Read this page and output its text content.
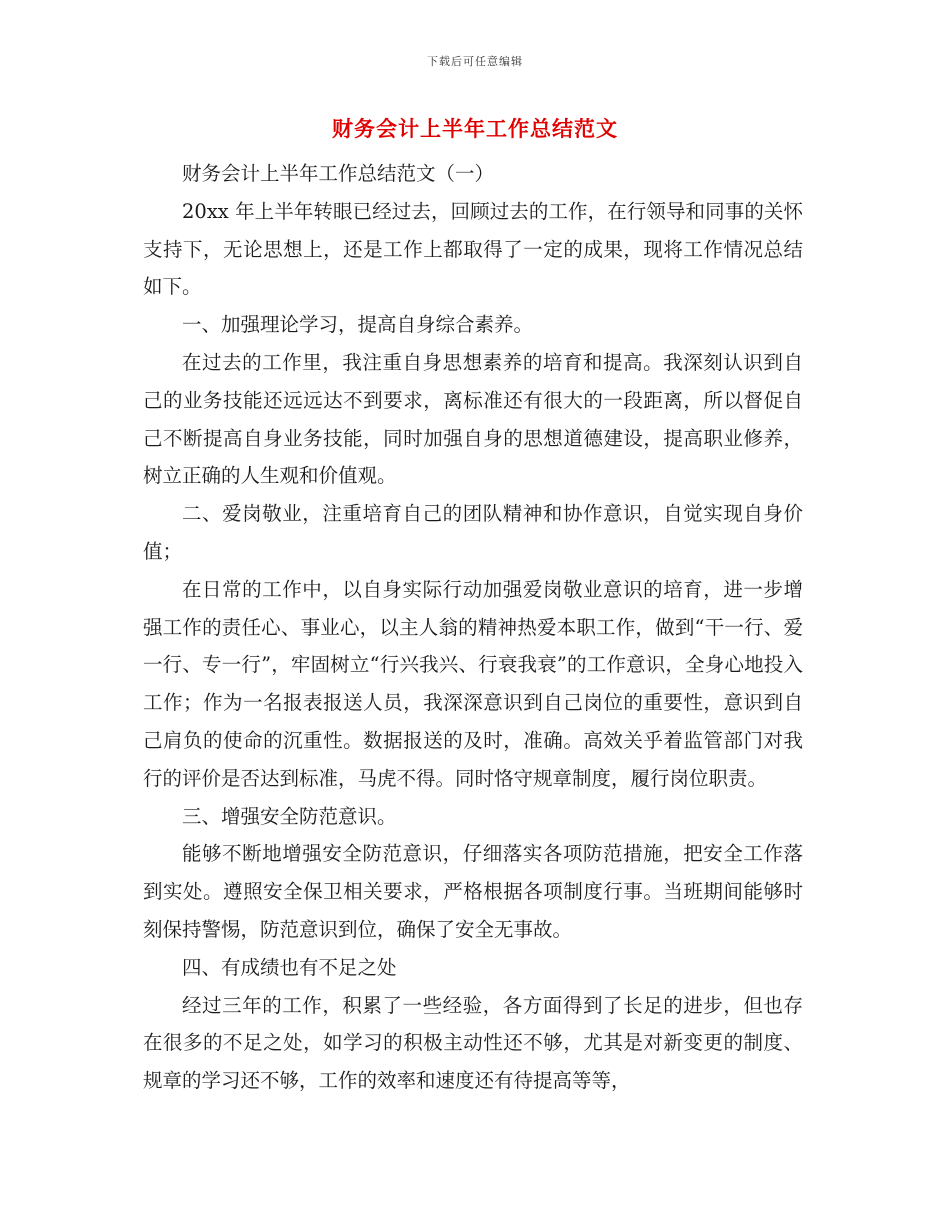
下载后可任意编辑
财务会计上半年工作总结范文

财务会计上半年工作总结范文（一）

20xx 年上半年转眼已经过去，回顾过去的工作，在行领导和同事的关怀支持下，无论思想上，还是工作上都取得了一定的成果，现将工作情况总结如下。

一、加强理论学习，提高自身综合素养。

在过去的工作里，我注重自身思想素养的培育和提高。我深刻认识到自己的业务技能还远远达不到要求，离标准还有很大的一段距离，所以督促自己不断提高自身业务技能，同时加强自身的思想道德建设，提高职业修养，树立正确的人生观和价值观。

二、爱岗敬业，注重培育自己的团队精神和协作意识，自觉实现自身价值；

在日常的工作中，以自身实际行动加强爱岗敬业意识的培育，进一步增强工作的责任心、事业心，以主人翁的精神热爱本职工作，做到“干一行、爱一行、专一行”，牢固树立“行兴我兴、行衰我衰”的工作意识，全身心地投入工作；作为一名报表报送人员，我深深意识到自己岗位的重要性，意识到自己肩负的使命的沉重性。数据报送的及时，准确。高效关乎着监管部门对我行的评价是否达到标准，马虎不得。同时恪守规章制度，履行岗位职责。

三、增强安全防范意识。

能够不断地增强安全防范意识，仔细落实各项防范措施，把安全工作落到实处。遵照安全保卫相关要求，严格根据各项制度行事。当班期间能够时刻保持警惕，防范意识到位，确保了安全无事故。

四、有成绩也有不足之处

经过三年的工作，积累了一些经验，各方面得到了长足的进步，但也存在很多的不足之处，如学习的积极主动性还不够，尤其是对新变更的制度、规章的学习还不够，工作的效率和速度还有待提高等等，
